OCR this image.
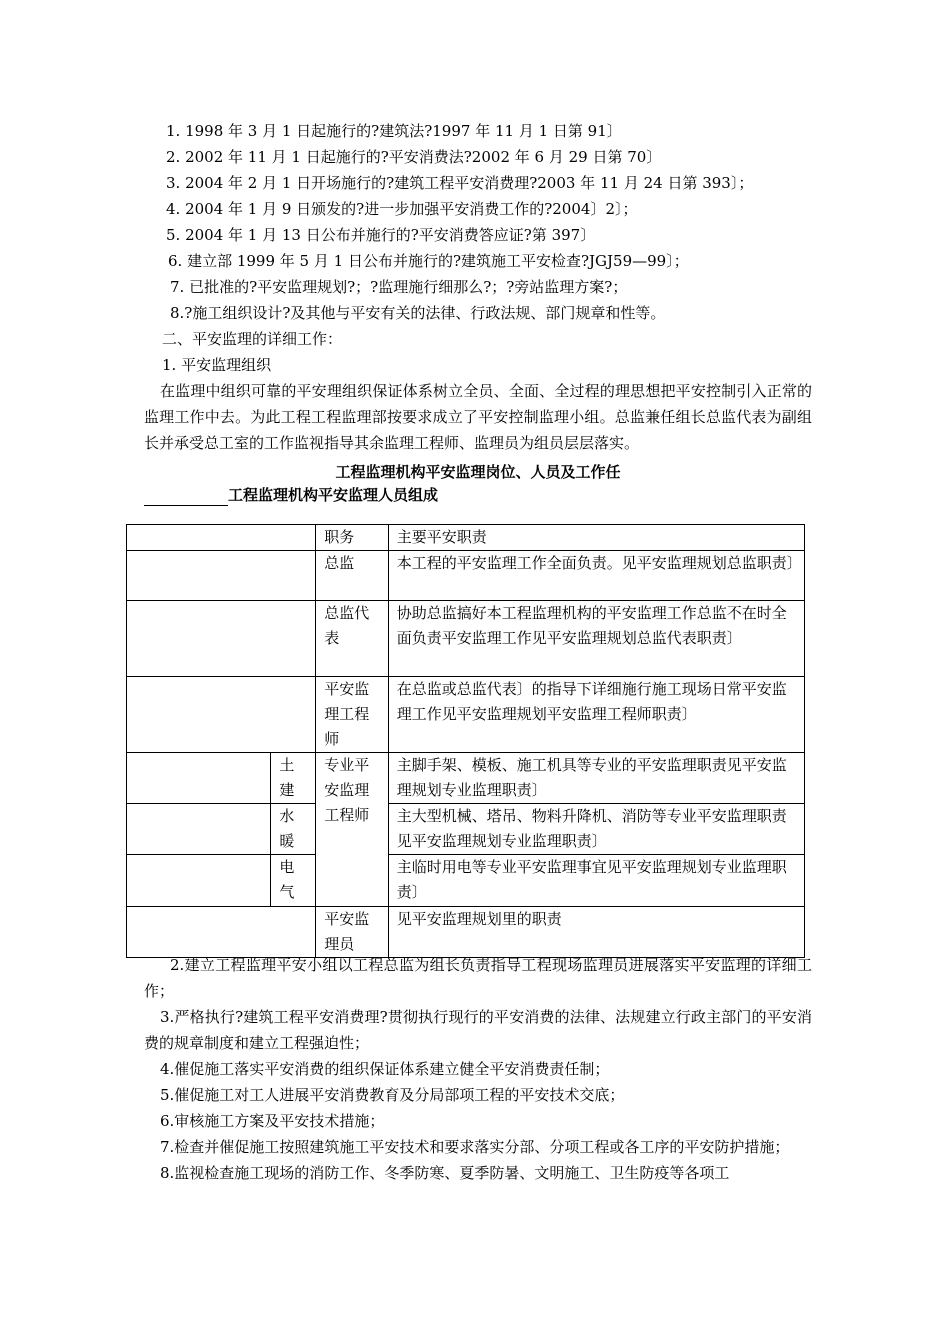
1. 1998 年 3 月 1 日起施行的?建筑法?1997 年 11 月 1 日第 91〕
2. 2002 年 11 月 1 日起施行的?平安消费法?2002 年 6 月 29 日第 70〕
3. 2004 年 2 月 1 日开场施行的?建筑工程平安消费理?2003 年 11 月 24 日第 393〕；
4. 2004 年 1 月 9 日颁发的?进一步加强平安消费工作的?2004〕2〕；
5. 2004 年 1 月 13 日公布并施行的?平安消费答应证?第 397〕
6. 建立部 1999 年 5 月 1 日公布并施行的?建筑施工平安检查?JGJ59—99〕；
7. 已批准的?平安监理规划?；?监理施行细那么?；?旁站监理方案?；
8.?施工组织设计?及其他与平安有关的法律、行政法规、部门规章和性等。
二、平安监理的详细工作：
1. 平安监理组织
在监理中组织可靠的平安理组织保证体系树立全员、全面、全过程的理思想把平安控制引入正常的监理工作中去。为此工程工程监理部按要求成立了平安控制监理小组。总监兼任组长总监代表为副组长并承受总工室的工作监视指导其余监理工程师、监理员为组员层层落实。
工程监理机构平安监理岗位、人员及工作任
工程监理机构平安监理人员组成
		职务	主要平安职责
		总监	本工程的平安监理工作全面负责。见平安监理规划总监职责〕
		总监代表	协助总监搞好本工程监理机构的平安监理工作总监不在时全面负责平安监理工作见平安监理规划总监代表职责〕
		平安监理工程师	在总监或总监代表〕的指导下详细施行施工现场日常平安监理工作见平安监理规划平安监理工程师职责〕
	土建	专业平安监理工程师	主脚手架、模板、施工机具等专业的平安监理职责见平安监理规划专业监理职责〕
	水暖		主大型机械、塔吊、物料升降机、消防等专业平安监理职责见平安监理规划专业监理职责〕
	电气		主临时用电等专业平安监理事宜见平安监理规划专业监理职责〕
		平安监理员	见平安监理规划里的职责
2.建立工程监理平安小组以工程总监为组长负责指导工程现场监理员进展落实平安监理的详细工作；
3.严格执行?建筑工程平安消费理?贯彻执行现行的平安消费的法律、法规建立行政主部门的平安消费的规章制度和建立工程强迫性；
4.催促施工落实平安消费的组织保证体系建立健全平安消费责任制；
5.催促施工对工人进展平安消费教育及分局部项工程的平安技术交底；
6.审核施工方案及平安技术措施；
7.检查并催促施工按照建筑施工平安技术和要求落实分部、分项工程或各工序的平安防护措施；
8.监视检查施工现场的消防工作、冬季防寒、夏季防暑、文明施工、卫生防疫等各项工
